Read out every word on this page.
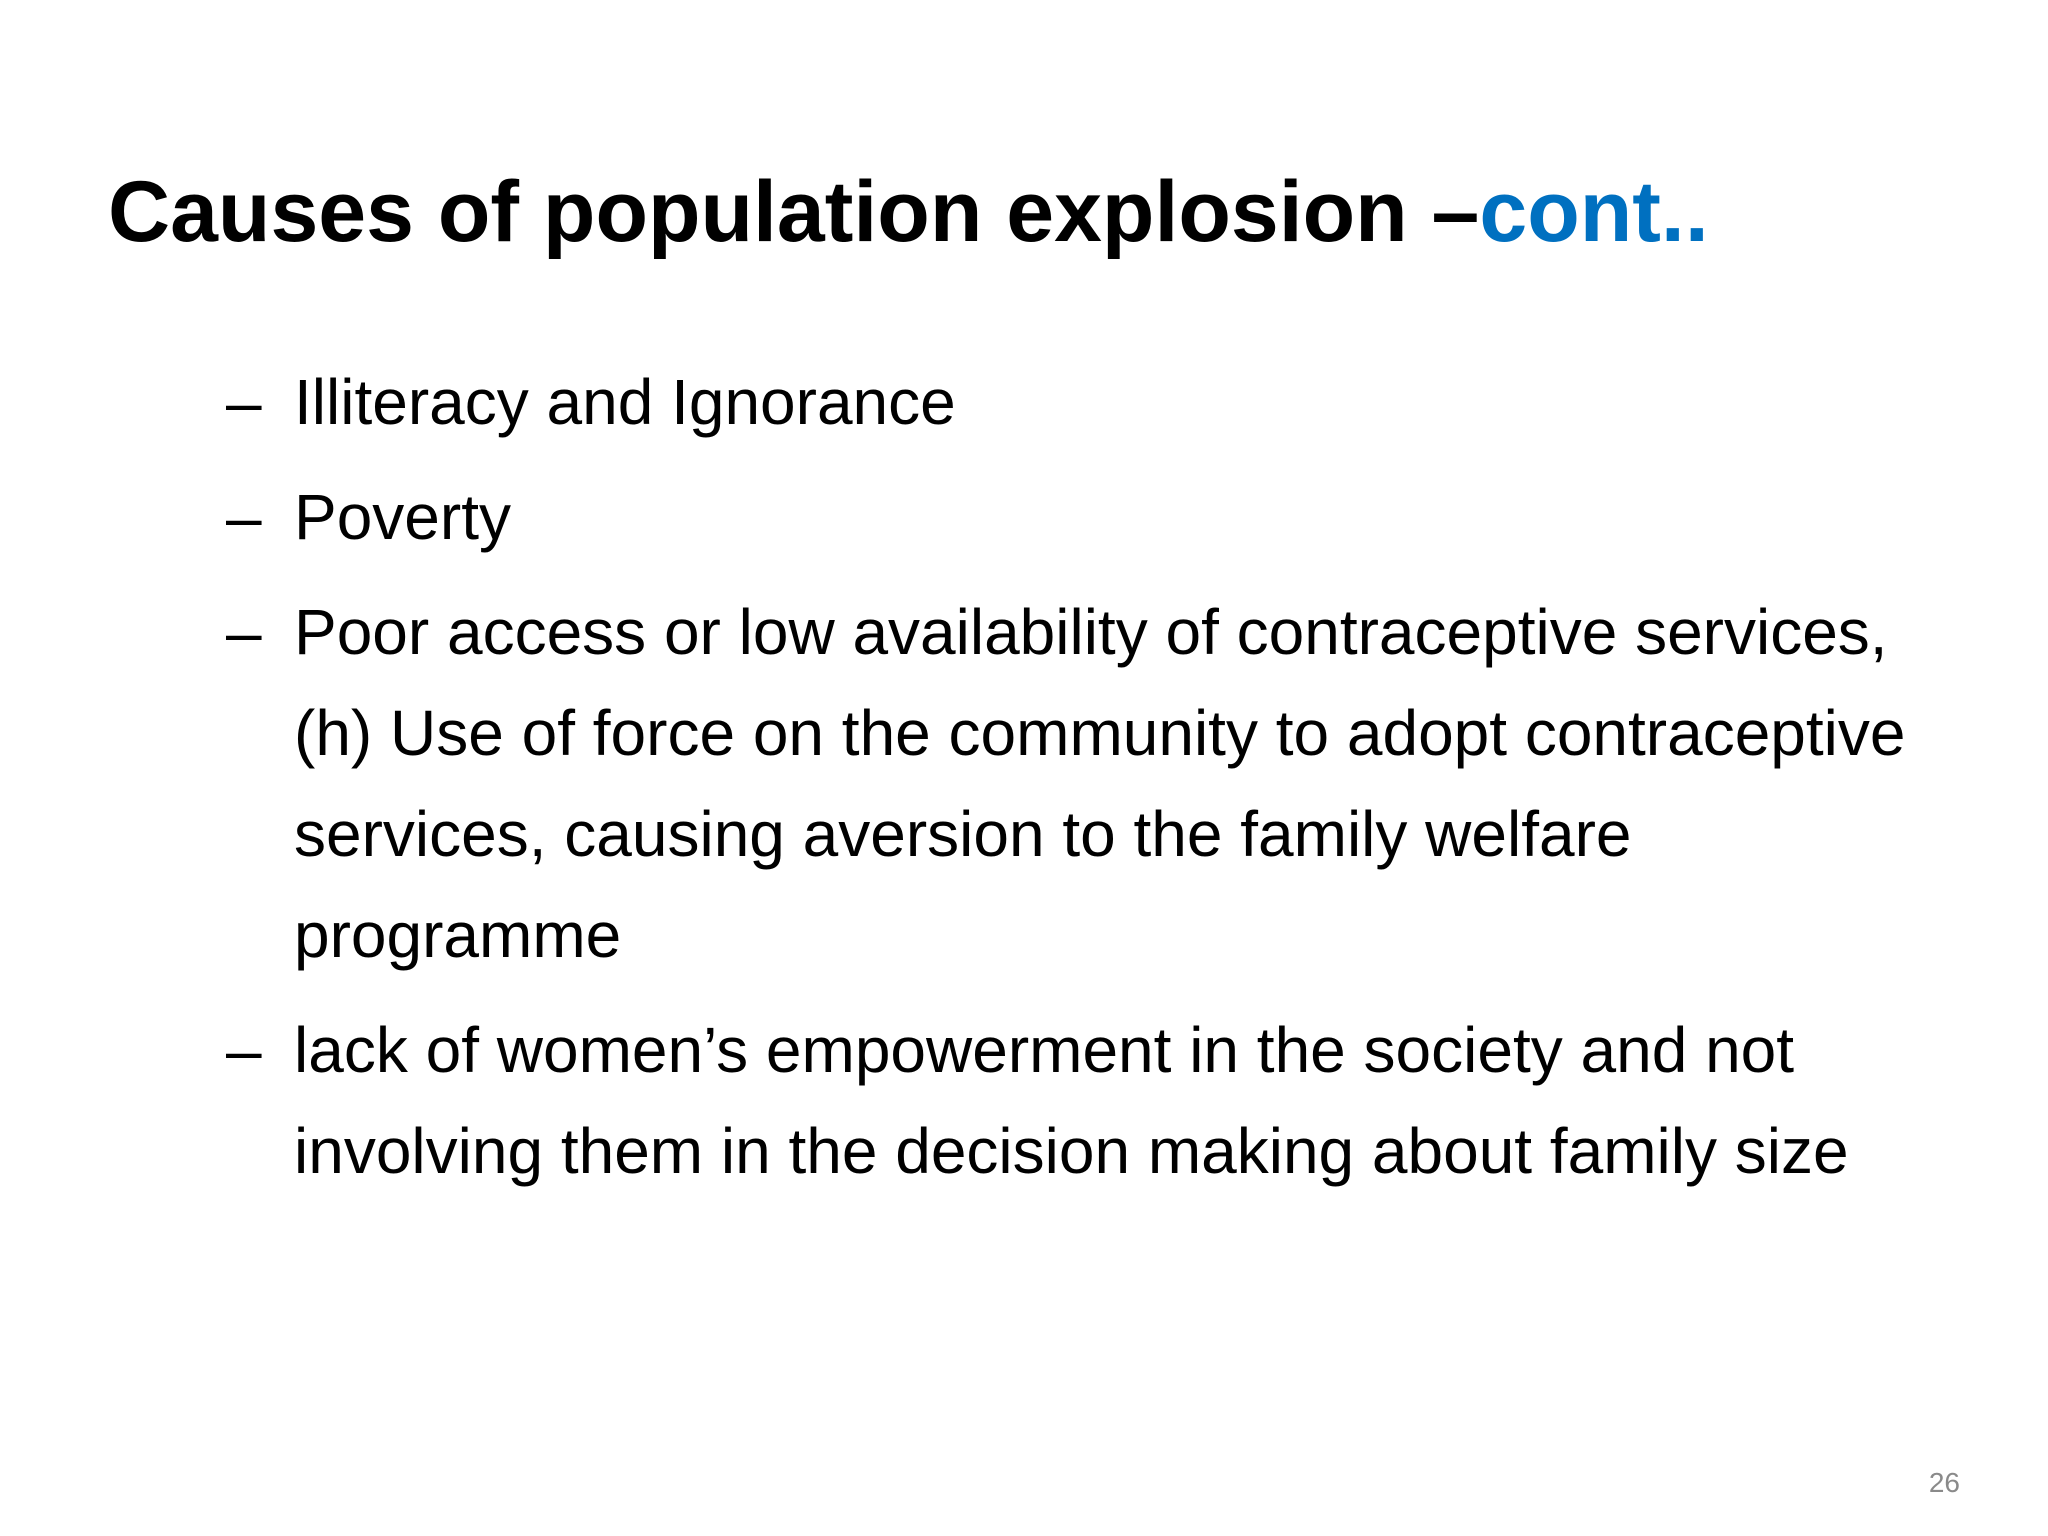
Causes of population explosion –cont..
– Illiteracy and Ignorance
– Poverty
– Poor access or low availability of contraceptive services, (h) Use of force on the community to adopt contraceptive services, causing aversion to the family welfare programme
– lack of women’s empowerment in the society and not involving them in the decision making about family size
26
